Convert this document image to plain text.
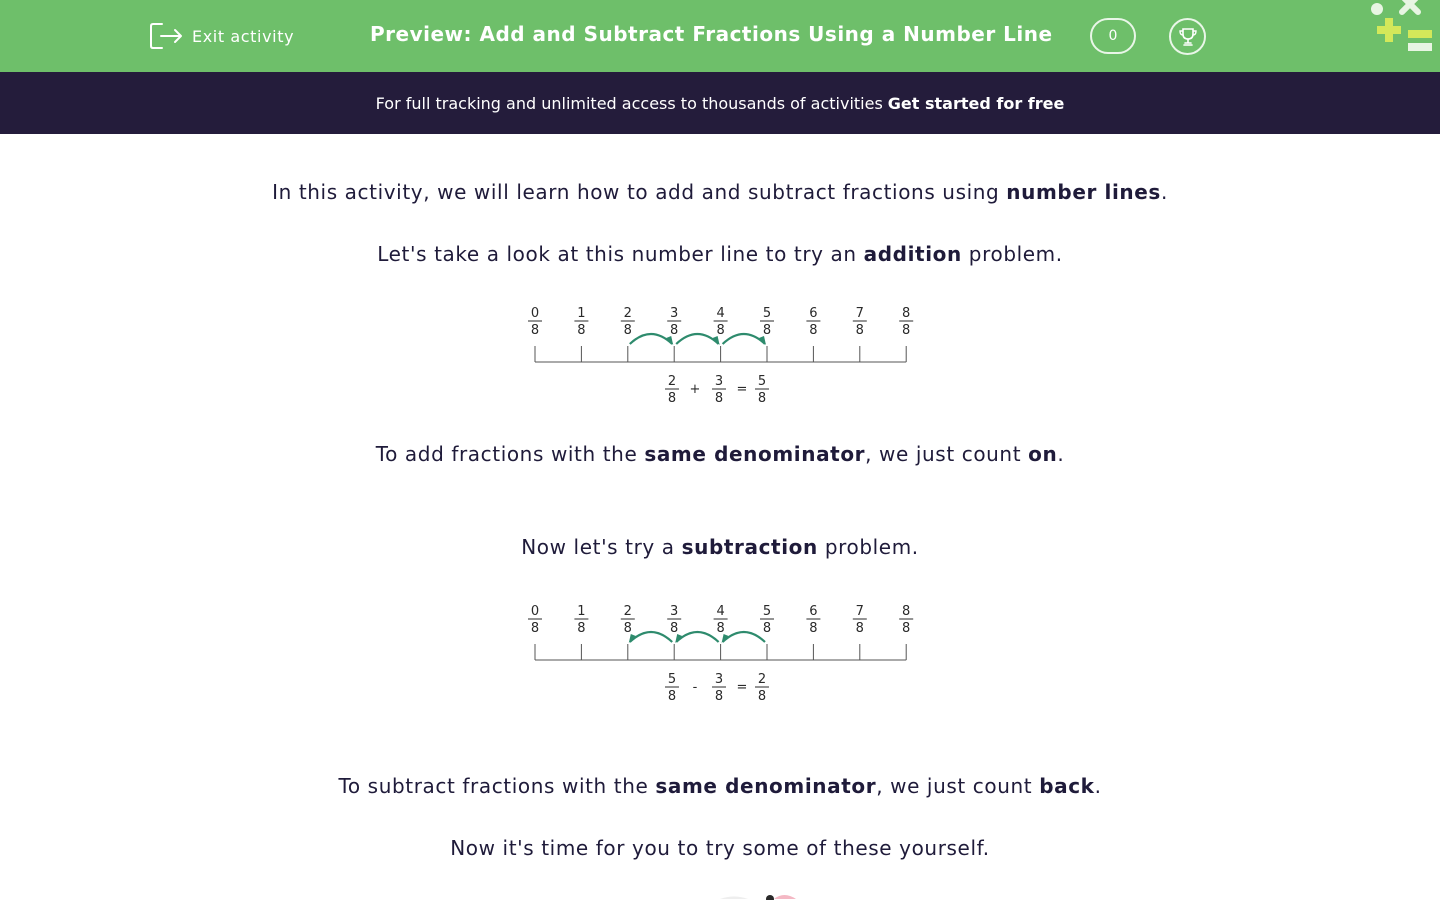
Exit activity	Preview: Add and Subtract Fractions Using a Number Line	0
For full tracking and unlimited access to thousands of activities Get started for free
In this activity, we will learn how to add and subtract fractions using number lines.
Let's take a look at this number line to try an addition problem.
0
8
1
8
2
8
3
8
4
8
5
8
6
8
7
8
8
8
2
8
+
3
8
=
5
8
To add fractions with the same denominator, we just count on.
Now let's try a subtraction problem.
0
8
1
8
2
8
3
8
4
8
5
8
6
8
7
8
8
8
5
8
-
3
8
=
2
8
To subtract fractions with the same denominator, we just count back.
Now it's time for you to try some of these yourself.
